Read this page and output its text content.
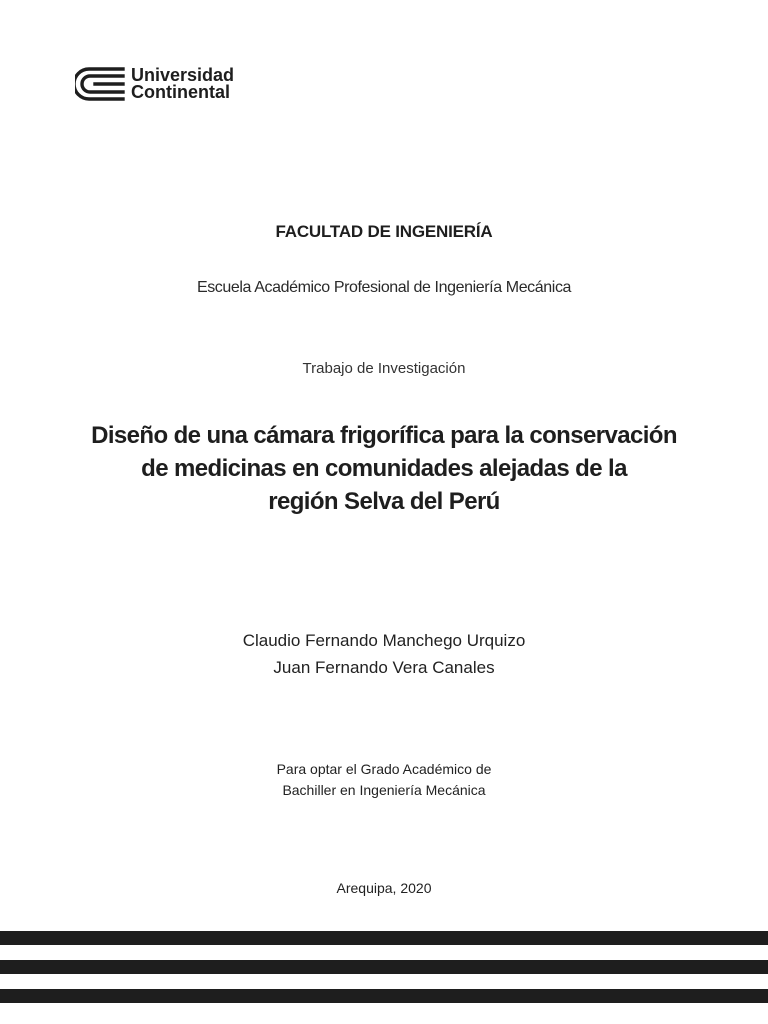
Universidad
Continental
FACULTAD DE INGENIERÍA
Escuela Académico Profesional de Ingeniería Mecánica
Trabajo de Investigación
Diseño de una cámara frigorífica para la conservación
de medicinas en comunidades alejadas de la
región Selva del Perú
Claudio Fernando Manchego Urquizo
Juan Fernando Vera Canales
Para optar el Grado Académico de
Bachiller en Ingeniería Mecánica
Arequipa, 2020
